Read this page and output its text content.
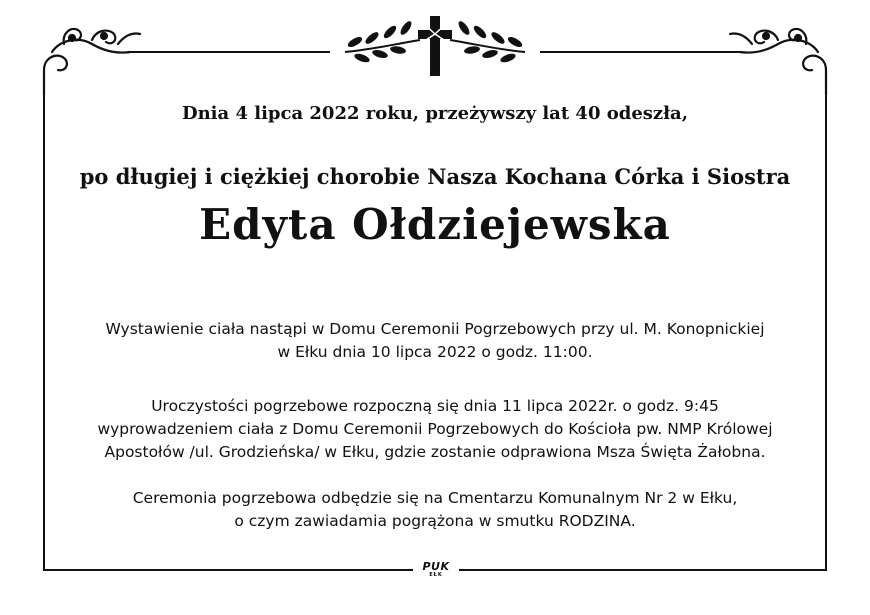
PUK
EŁK
Dnia 4 lipca 2022 roku, przeżywszy lat 40 odeszła,
po długiej i ciężkiej chorobie Nasza Kochana Córka i Siostra
Edyta Ołdziejewska
Wystawienie ciała nastąpi w Domu Ceremonii Pogrzebowych przy ul. M. Konopnickiej
w Ełku dnia 10 lipca 2022 o godz. 11:00.
Uroczystości pogrzebowe rozpoczną się dnia 11 lipca 2022r. o godz. 9:45
wyprowadzeniem ciała z Domu Ceremonii Pogrzebowych do Kościoła pw. NMP Królowej
Apostołów /ul. Grodzieńska/ w Ełku, gdzie zostanie odprawiona Msza Święta Żałobna.
Ceremonia pogrzebowa odbędzie się na Cmentarzu Komunalnym Nr 2 w Ełku,
o czym zawiadamia pogrążona w smutku RODZINA.
